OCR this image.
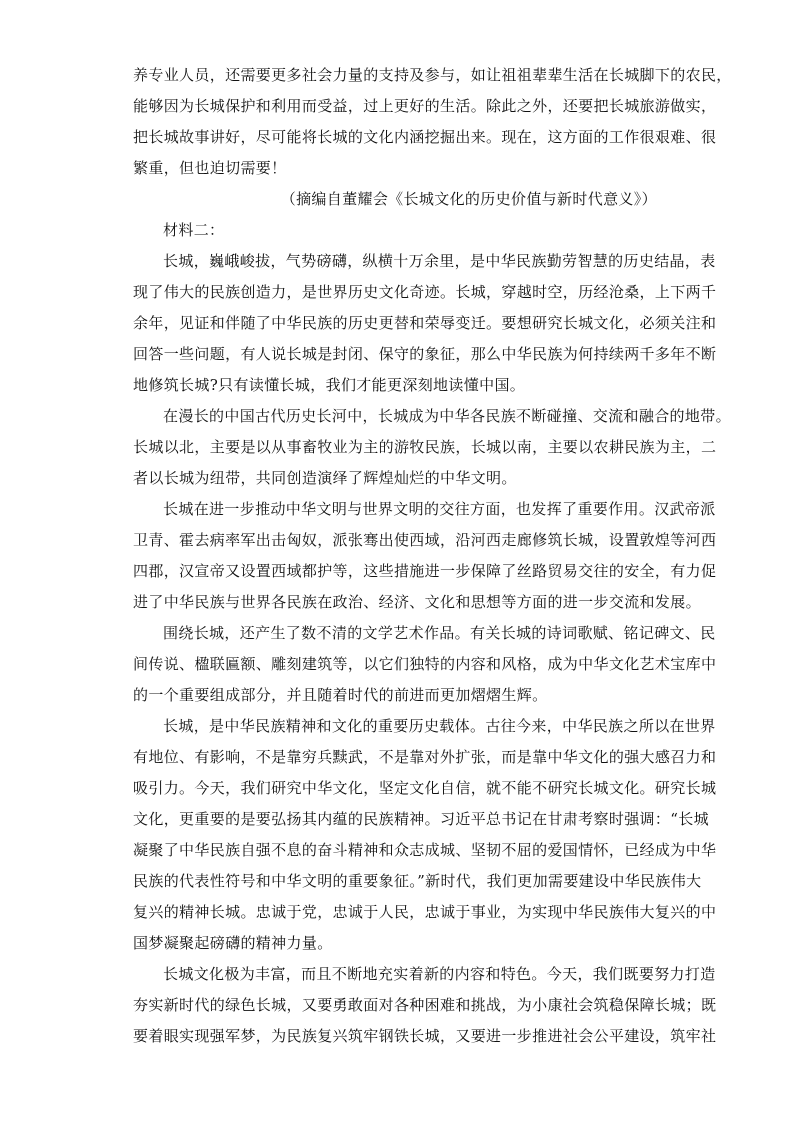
养专业人员，还需要更多社会力量的支持及参与，如让祖祖辈辈生活在长城脚下的农民，
能够因为长城保护和利用而受益，过上更好的生活。除此之外，还要把长城旅游做实，
把长城故事讲好，尽可能将长城的文化内涵挖掘出来。现在，这方面的工作很艰难、很
繁重，但也迫切需要！
（摘编自董耀会《长城文化的历史价值与新时代意义》）
材料二：
长城，巍峨峻拔，气势磅礴，纵横十万余里，是中华民族勤劳智慧的历史结晶，表
现了伟大的民族创造力，是世界历史文化奇迹。长城，穿越时空，历经沧桑，上下两千
余年，见证和伴随了中华民族的历史更替和荣辱变迁。要想研究长城文化，必须关注和
回答一些问题，有人说长城是封闭、保守的象征，那么中华民族为何持续两千多年不断
地修筑长城?只有读懂长城，我们才能更深刻地读懂中国。
在漫长的中国古代历史长河中，长城成为中华各民族不断碰撞、交流和融合的地带。
长城以北，主要是以从事畜牧业为主的游牧民族，长城以南，主要以农耕民族为主，二
者以长城为纽带，共同创造演绎了辉煌灿烂的中华文明。
长城在进一步推动中华文明与世界文明的交往方面，也发挥了重要作用。汉武帝派
卫青、霍去病率军出击匈奴，派张骞出使西域，沿河西走廊修筑长城，设置敦煌等河西
四郡，汉宣帝又设置西域都护等，这些措施进一步保障了丝路贸易交往的安全，有力促
进了中华民族与世界各民族在政治、经济、文化和思想等方面的进一步交流和发展。
围绕长城，还产生了数不清的文学艺术作品。有关长城的诗词歌赋、铭记碑文、民
间传说、楹联匾额、雕刻建筑等，以它们独特的内容和风格，成为中华文化艺术宝库中
的一个重要组成部分，并且随着时代的前进而更加熠熠生辉。
长城，是中华民族精神和文化的重要历史载体。古往今来，中华民族之所以在世界
有地位、有影响，不是靠穷兵黩武，不是靠对外扩张，而是靠中华文化的强大感召力和
吸引力。今天，我们研究中华文化，坚定文化自信，就不能不研究长城文化。研究长城
文化，更重要的是要弘扬其内蕴的民族精神。习近平总书记在甘肃考察时强调：“长城
凝聚了中华民族自强不息的奋斗精神和众志成城、坚韧不屈的爱国情怀，已经成为中华
民族的代表性符号和中华文明的重要象征。”新时代，我们更加需要建设中华民族伟大
复兴的精神长城。忠诚于党，忠诚于人民，忠诚于事业，为实现中华民族伟大复兴的中
国梦凝聚起磅礴的精神力量。
长城文化极为丰富，而且不断地充实着新的内容和特色。今天，我们既要努力打造
夯实新时代的绿色长城，又要勇敢面对各种困难和挑战，为小康社会筑稳保障长城；既
要着眼实现强军梦，为民族复兴筑牢钢铁长城，又要进一步推进社会公平建设，筑牢社
